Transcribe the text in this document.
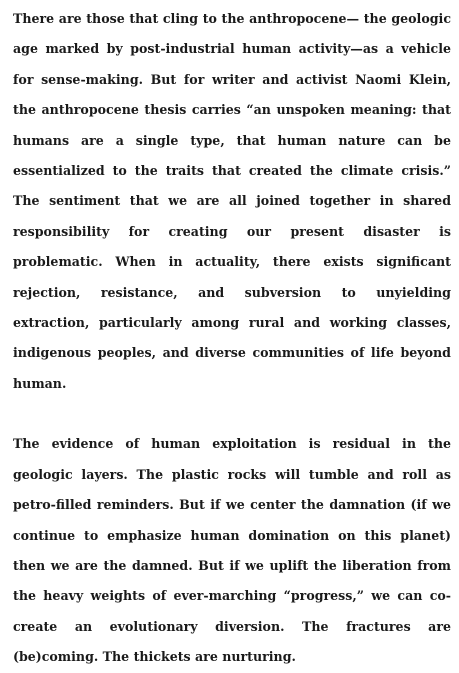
There are those that cling to the anthropocene— the geologic age marked by post-industrial human activity—as a vehicle for sense-making. But for writer and activist Naomi Klein, the anthropocene thesis carries “an unspoken meaning: that humans are a single type, that human nature can be essentialized to the traits that created the climate crisis.” The sentiment that we are all joined together in shared responsibility for creating our present disaster is problematic. When in actuality, there exists significant rejection, resistance, and subversion to unyielding extraction, particularly among rural and working classes, indigenous peoples, and diverse communities of life beyond human.

The evidence of human exploitation is residual in the geologic layers. The plastic rocks will tumble and roll as petro-filled reminders. But if we center the damnation (if we continue to emphasize human domination on this planet) then we are the damned. But if we uplift the liberation from the heavy weights of ever-marching “progress,” we can co-create an evolutionary diversion. The fractures are (be)coming. The thickets are nurturing.
